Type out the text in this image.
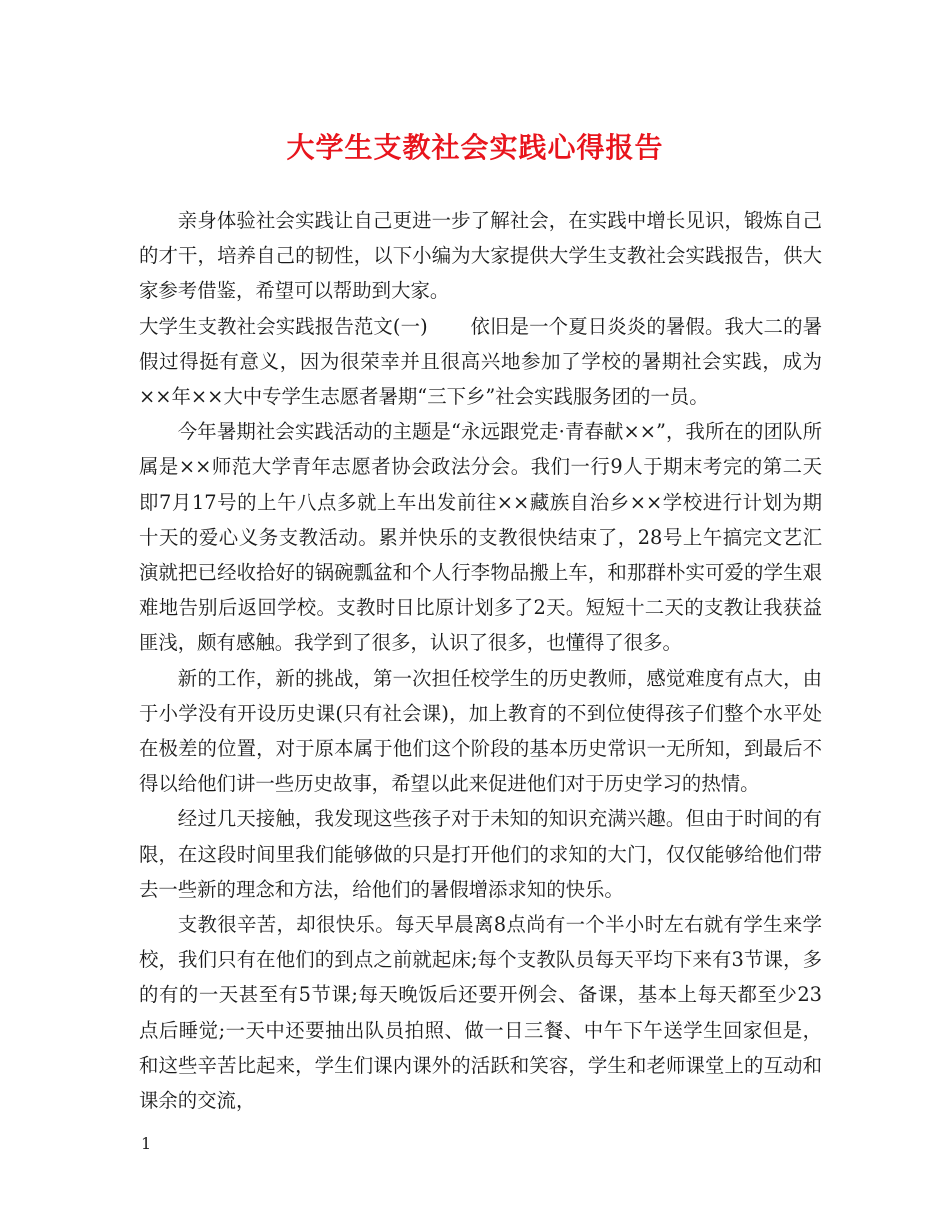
大学生支教社会实践心得报告

亲身体验社会实践让自己更进一步了解社会，在实践中增长见识，锻炼自己的才干，培养自己的韧性，以下小编为大家提供大学生支教社会实践报告，供大家参考借鉴，希望可以帮助到大家。

大学生支教社会实践报告范文(一) 依旧是一个夏日炎炎的暑假。我大二的暑假过得挺有意义，因为很荣幸并且很高兴地参加了学校的暑期社会实践，成为××年××大中专学生志愿者暑期“三下乡”社会实践服务团的一员。

今年暑期社会实践活动的主题是“永远跟党走·青春献××”，我所在的团队所属是××师范大学青年志愿者协会政法分会。我们一行9人于期末考完的第二天即7月17号的上午八点多就上车出发前往××藏族自治乡××学校进行计划为期十天的爱心义务支教活动。累并快乐的支教很快结束了，28号上午搞完文艺汇演就把已经收拾好的锅碗瓢盆和个人行李物品搬上车，和那群朴实可爱的学生艰难地告别后返回学校。支教时日比原计划多了2天。短短十二天的支教让我获益匪浅，颇有感触。我学到了很多，认识了很多，也懂得了很多。

新的工作，新的挑战，第一次担任校学生的历史教师，感觉难度有点大，由于小学没有开设历史课(只有社会课)，加上教育的不到位使得孩子们整个水平处在极差的位置，对于原本属于他们这个阶段的基本历史常识一无所知，到最后不得以给他们讲一些历史故事，希望以此来促进他们对于历史学习的热情。

经过几天接触，我发现这些孩子对于未知的知识充满兴趣。但由于时间的有限，在这段时间里我们能够做的只是打开他们的求知的大门，仅仅能够给他们带去一些新的理念和方法，给他们的暑假增添求知的快乐。

支教很辛苦，却很快乐。每天早晨离8点尚有一个半小时左右就有学生来学校，我们只有在他们的到点之前就起床;每个支教队员每天平均下来有3节课，多的有的一天甚至有5节课;每天晚饭后还要开例会、备课，基本上每天都至少23点后睡觉;一天中还要抽出队员拍照、做一日三餐、中午下午送学生回家但是，和这些辛苦比起来，学生们课内课外的活跃和笑容，学生和老师课堂上的互动和课余的交流，

1
